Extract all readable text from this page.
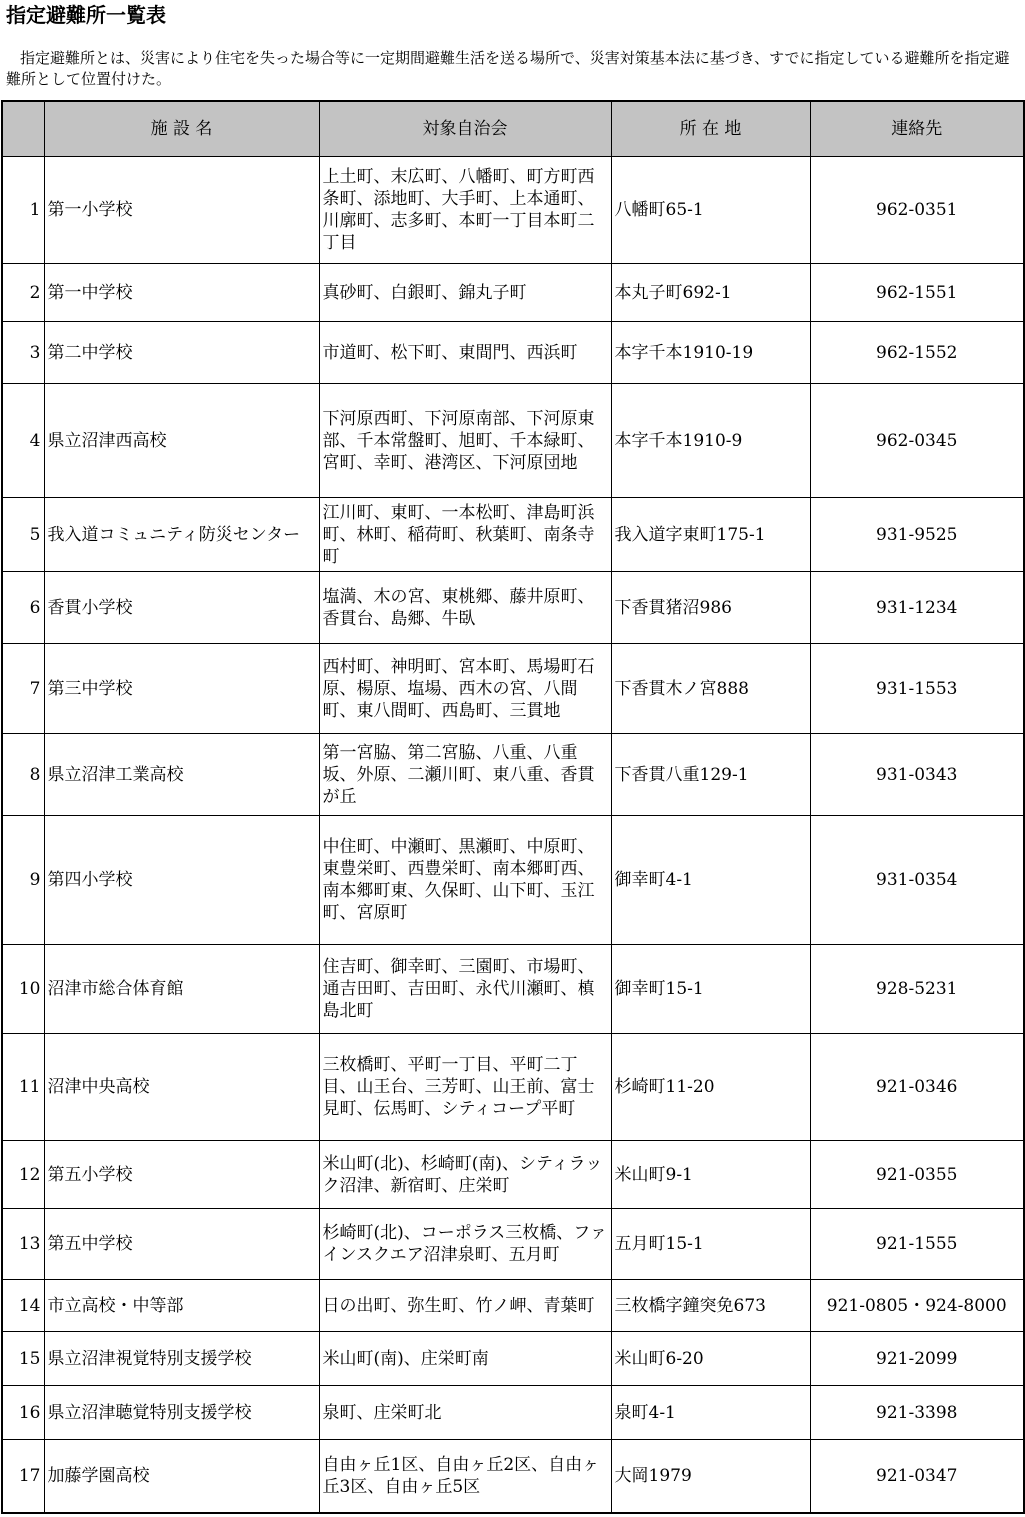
指定避難所一覧表
指定避難所とは、災害により住宅を失った場合等に一定期間避難生活を送る場所で、災害対策基本法に基づき、すでに指定している避難所を指定避難所として位置付けた。
	施 設 名	対象自治会	所 在 地	連絡先
1	第一小学校	上土町、末広町、八幡町、町方町西条町、添地町、大手町、上本通町、川廓町、志多町、本町一丁目本町二丁目	八幡町65-1	962-0351
2	第一中学校	真砂町、白銀町、錦丸子町	本丸子町692-1	962-1551
3	第二中学校	市道町、松下町、東間門、西浜町	本字千本1910-19	962-1552
4	県立沼津西高校	下河原西町、下河原南部、下河原東部、千本常盤町、旭町、千本緑町、宮町、幸町、港湾区、下河原団地	本字千本1910-9	962-0345
5	我入道コミュニティ防災センター	江川町、東町、一本松町、津島町浜町、林町、稲荷町、秋葉町、南条寺町	我入道字東町175-1	931-9525
6	香貫小学校	塩満、木の宮、東桃郷、藤井原町、香貫台、島郷、牛臥	下香貫猪沼986	931-1234
7	第三中学校	西村町、神明町、宮本町、馬場町石原、楊原、塩場、西木の宮、八間町、東八間町、西島町、三貫地	下香貫木ノ宮888	931-1553
8	県立沼津工業高校	第一宮脇、第二宮脇、八重、八重坂、外原、二瀬川町、東八重、香貫が丘	下香貫八重129-1	931-0343
9	第四小学校	中住町、中瀬町、黒瀬町、中原町、東豊栄町、西豊栄町、南本郷町西、南本郷町東、久保町、山下町、玉江町、宮原町	御幸町4-1	931-0354
10	沼津市総合体育館	住吉町、御幸町、三園町、市場町、通吉田町、吉田町、永代川瀬町、槙島北町	御幸町15-1	928-5231
11	沼津中央高校	三枚橋町、平町一丁目、平町二丁目、山王台、三芳町、山王前、富士見町、伝馬町、シティコープ平町	杉崎町11-20	921-0346
12	第五小学校	米山町(北)、杉崎町(南)、シティラック沼津、新宿町、庄栄町	米山町9-1	921-0355
13	第五中学校	杉崎町(北)、コーポラス三枚橋、ファインスクエア沼津泉町、五月町	五月町15-1	921-1555
14	市立高校・中等部	日の出町、弥生町、竹ノ岬、青葉町	三枚橋字鐘突免673	921-0805・924-8000
15	県立沼津視覚特別支援学校	米山町(南)、庄栄町南	米山町6-20	921-2099
16	県立沼津聴覚特別支援学校	泉町、庄栄町北	泉町4-1	921-3398
17	加藤学園高校	自由ヶ丘1区、自由ヶ丘2区、自由ヶ丘3区、自由ヶ丘5区	大岡1979	921-0347
